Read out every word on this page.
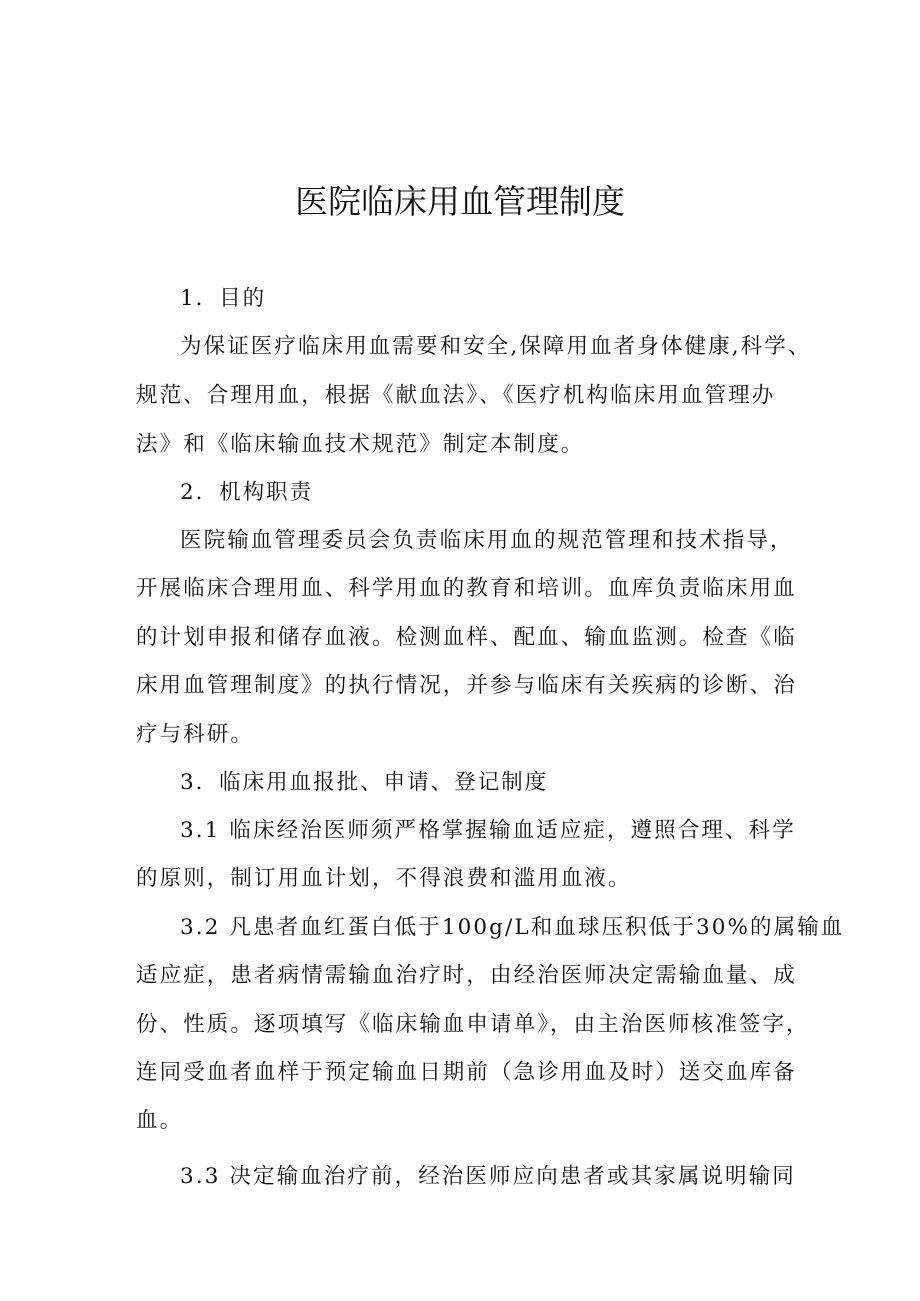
医院临床用血管理制度
1．目的
为保证医疗临床用血需要和安全,保障用血者身体健康,科学、
规范、合理用血，根据《献血法》、《医疗机构临床用血管理办
法》和《临床输血技术规范》制定本制度。
2．机构职责
医院输血管理委员会负责临床用血的规范管理和技术指导，
开展临床合理用血、科学用血的教育和培训。血库负责临床用血
的计划申报和储存血液。检测血样、配血、输血监测。检查《临
床用血管理制度》的执行情况，并参与临床有关疾病的诊断、治
疗与科研。
3．临床用血报批、申请、登记制度
3.1 临床经治医师须严格掌握输血适应症，遵照合理、科学
的原则，制订用血计划，不得浪费和滥用血液。
3.2 凡患者血红蛋白低于100g/L和血球压积低于30%的属输血
适应症，患者病情需输血治疗时，由经治医师决定需输血量、成
份、性质。逐项填写《临床输血申请单》，由主治医师核准签字，
连同受血者血样于预定输血日期前（急诊用血及时）送交血库备
血。
3.3 决定输血治疗前，经治医师应向患者或其家属说明输同
